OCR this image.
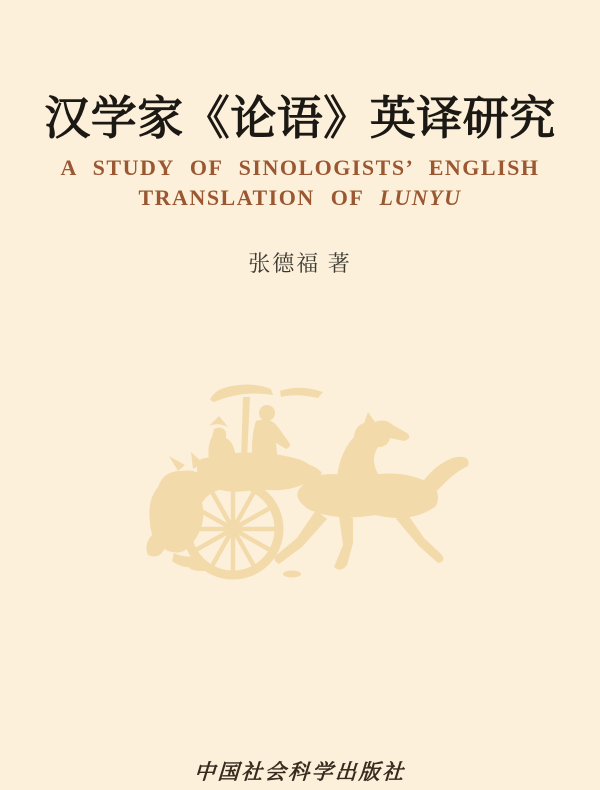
汉学家《论语》英译研究
A STUDY OF SINOLOGISTS’ ENGLISH
TRANSLATION OF LUNYU
张德福 著
中国社会科学出版社
